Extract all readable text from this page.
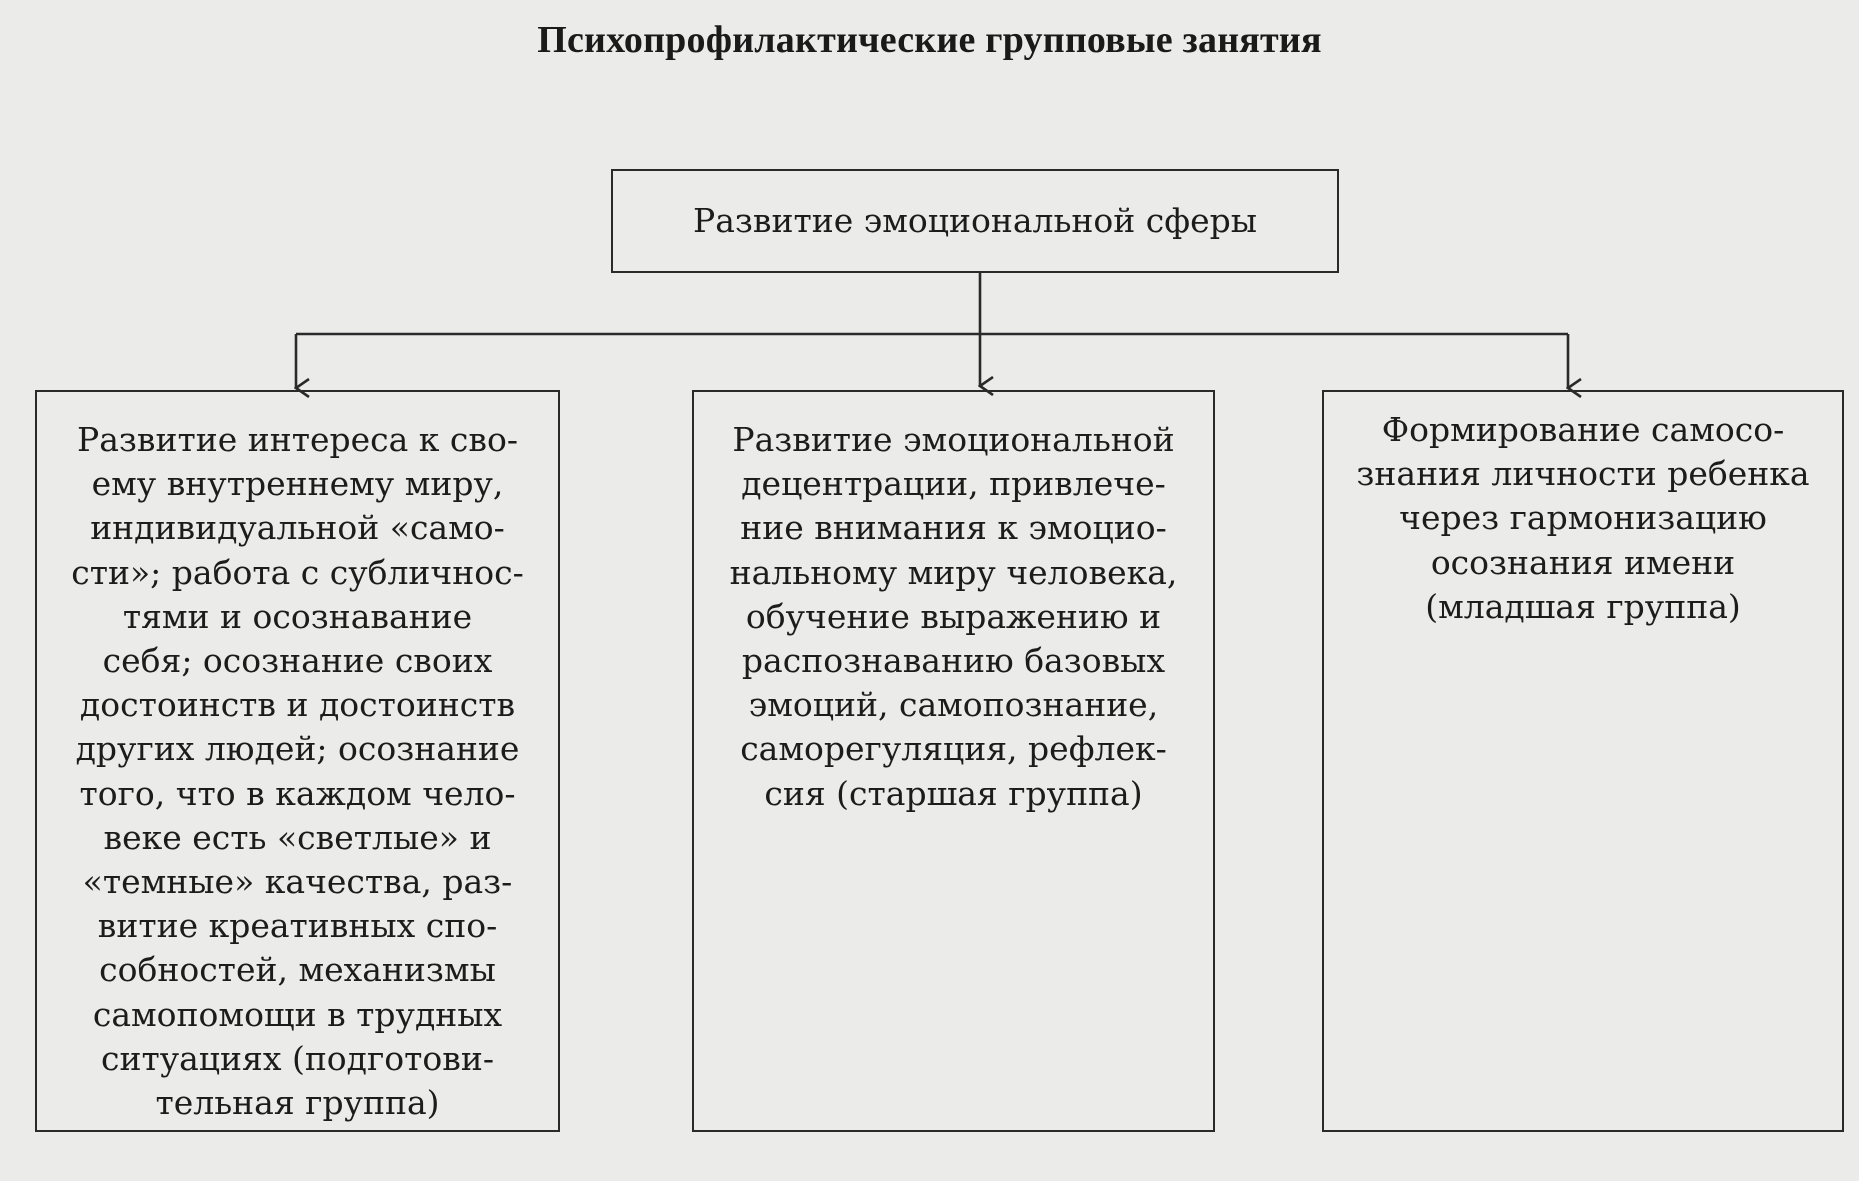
Психопрофилактические групповые занятия
Развитие эмоциональной сферы
Развитие интереса к сво-
ему внутреннему миру,
индивидуальной «само-
сти»; работа с субличнос-
тями и осознавание
себя; осознание своих
достоинств и достоинств
других людей; осознание
того, что в каждом чело-
веке есть «светлые» и
«темные» качества, раз-
витие креативных спо-
собностей, механизмы
самопомощи в трудных
ситуациях (подготови-
тельная группа)
Развитие эмоциональной
децентрации, привлече-
ние внимания к эмоцио-
нальному миру человека,
обучение выражению и
распознаванию базовых
эмоций, самопознание,
саморегуляция, рефлек-
сия (старшая группа)
Формирование самосо-
знания личности ребенка
через гармонизацию
осознания имени
(младшая группа)
